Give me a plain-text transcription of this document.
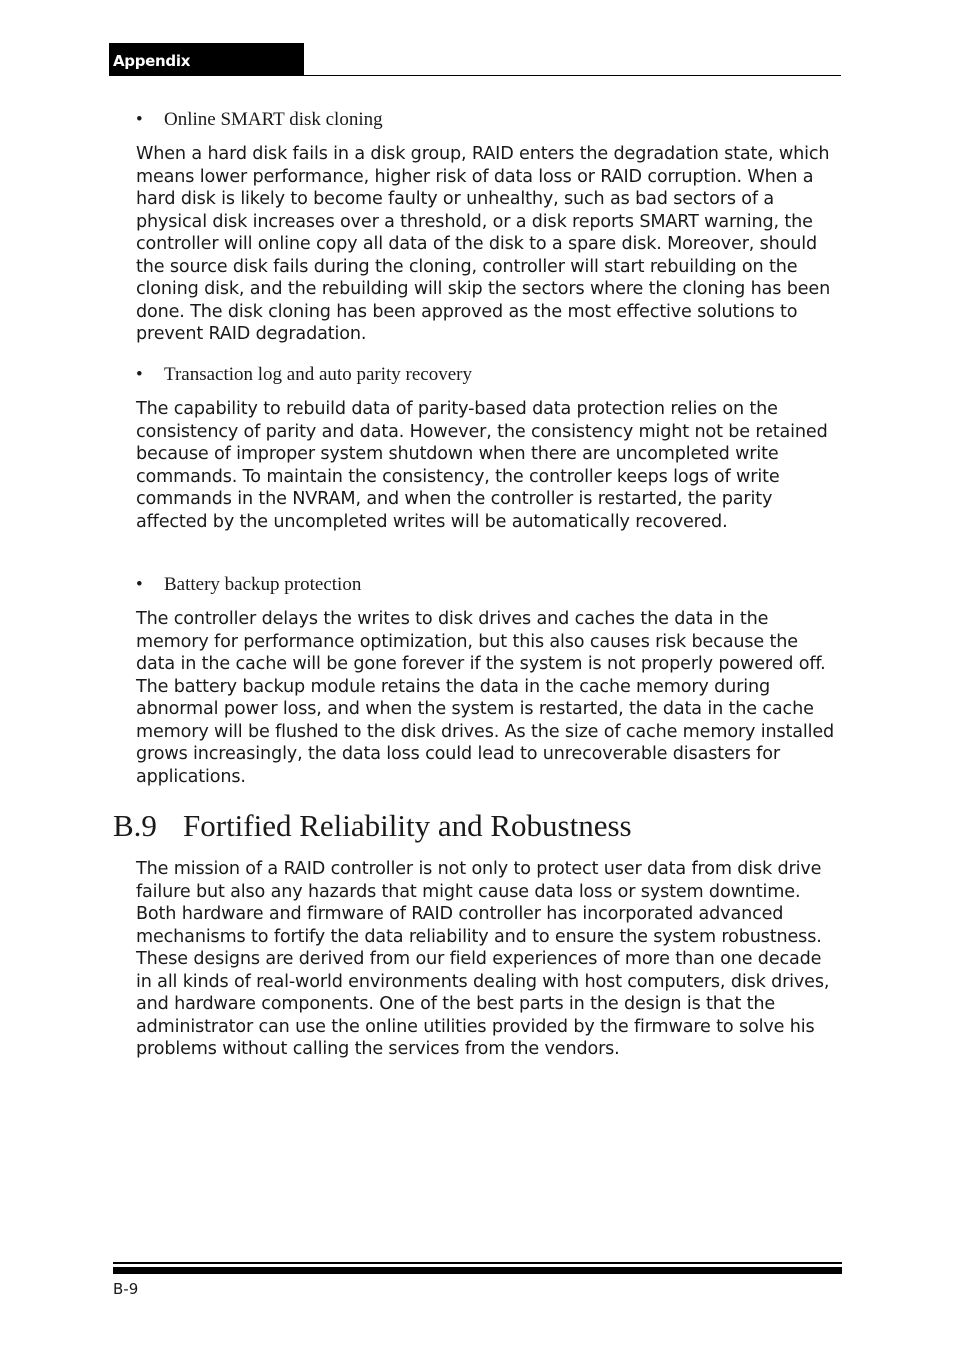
Appendix
• Online SMART disk cloning
When a hard disk fails in a disk group, RAID enters the degradation state, which means lower performance, higher risk of data loss or RAID corruption. When a hard disk is likely to become faulty or unhealthy, such as bad sectors of a physical disk increases over a threshold, or a disk reports SMART warning, the controller will online copy all data of the disk to a spare disk. Moreover, should the source disk fails during the cloning, controller will start rebuilding on the cloning disk, and the rebuilding will skip the sectors where the cloning has been done. The disk cloning has been approved as the most effective solutions to prevent RAID degradation.
• Transaction log and auto parity recovery
The capability to rebuild data of parity-based data protection relies on the consistency of parity and data. However, the consistency might not be retained because of improper system shutdown when there are uncompleted write commands. To maintain the consistency, the controller keeps logs of write commands in the NVRAM, and when the controller is restarted, the parity affected by the uncompleted writes will be automatically recovered.
• Battery backup protection
The controller delays the writes to disk drives and caches the data in the memory for performance optimization, but this also causes risk because the data in the cache will be gone forever if the system is not properly powered off. The battery backup module retains the data in the cache memory during abnormal power loss, and when the system is restarted, the data in the cache memory will be flushed to the disk drives. As the size of cache memory installed grows increasingly, the data loss could lead to unrecoverable disasters for applications.
B.9 Fortified Reliability and Robustness
The mission of a RAID controller is not only to protect user data from disk drive failure but also any hazards that might cause data loss or system downtime. Both hardware and firmware of RAID controller has incorporated advanced mechanisms to fortify the data reliability and to ensure the system robustness. These designs are derived from our field experiences of more than one decade in all kinds of real-world environments dealing with host computers, disk drives, and hardware components. One of the best parts in the design is that the administrator can use the online utilities provided by the firmware to solve his problems without calling the services from the vendors.
B-9
